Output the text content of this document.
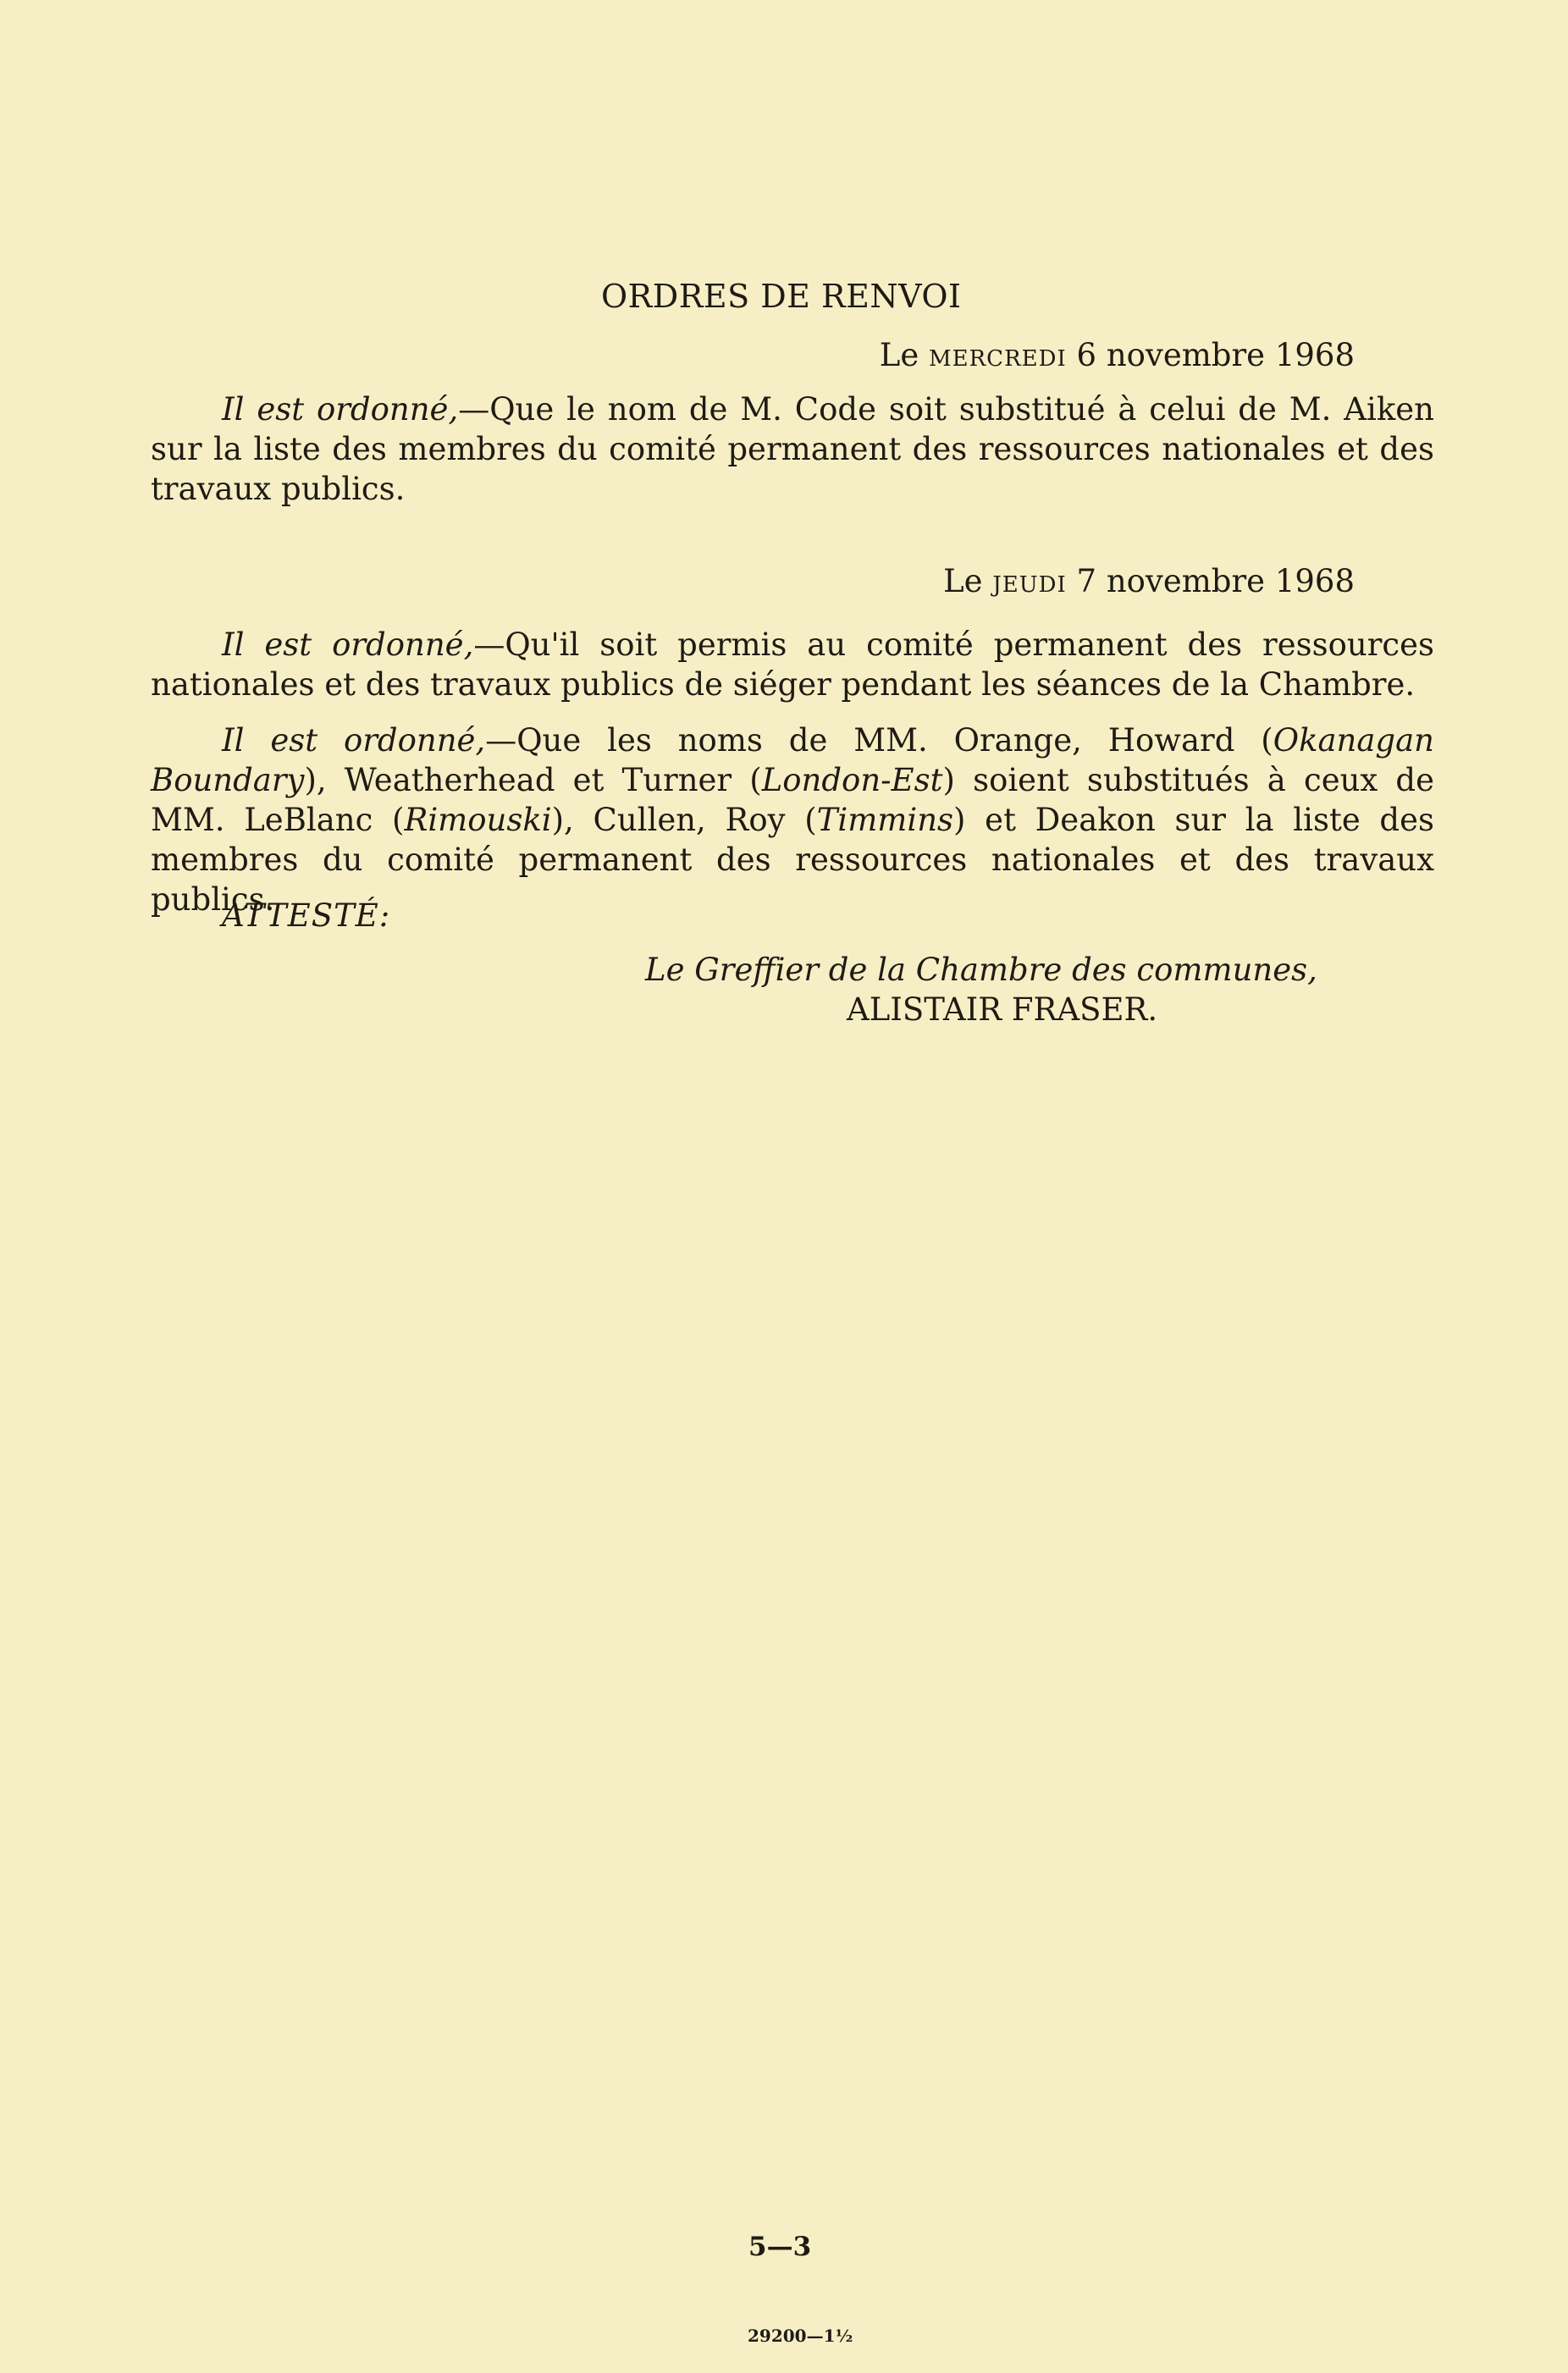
ORDRES DE RENVOI
Le mercredi 6 novembre 1968
Il est ordonné,—Que le nom de M. Code soit substitué à celui de M. Aiken sur la liste des membres du comité permanent des ressources nationales et des travaux publics.
Le jeudi 7 novembre 1968
Il est ordonné,—Qu'il soit permis au comité permanent des ressources nationales et des travaux publics de siéger pendant les séances de la Chambre.
Il est ordonné,—Que les noms de MM. Orange, Howard (Okanagan Boundary), Weatherhead et Turner (London-Est) soient substitués à ceux de MM. LeBlanc (Rimouski), Cullen, Roy (Timmins) et Deakon sur la liste des membres du comité permanent des ressources nationales et des travaux publics.
ATTESTÉ:
Le Greffier de la Chambre des communes,
ALISTAIR FRASER.
5—3
29200—1½
